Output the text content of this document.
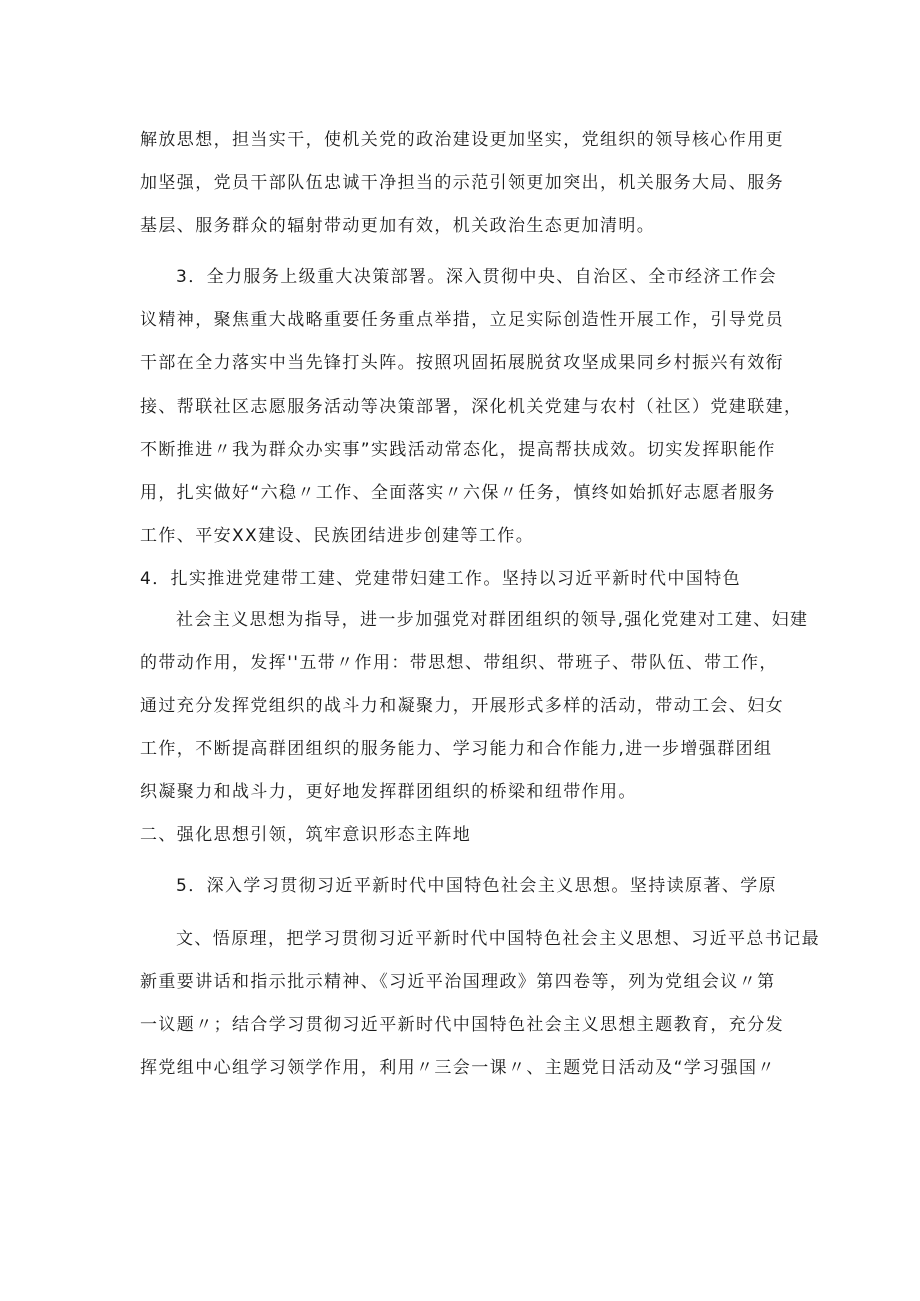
解放思想，担当实干，使机关党的政治建设更加坚实，党组织的领导核心作用更
加坚强，党员干部队伍忠诚干净担当的示范引领更加突出，机关服务大局、服务
基层、服务群众的辐射带动更加有效，机关政治生态更加清明。
3．全力服务上级重大决策部署。深入贯彻中央、自治区、全市经济工作会
议精神，聚焦重大战略重要任务重点举措，立足实际创造性开展工作，引导党员
干部在全力落实中当先锋打头阵。按照巩固拓展脱贫攻坚成果同乡村振兴有效衔
接、帮联社区志愿服务活动等决策部署，深化机关党建与农村（社区）党建联建，
不断推进〃我为群众办实事”实践活动常态化，提高帮扶成效。切实发挥职能作
用，扎实做好“六稳〃工作、全面落实〃六保〃任务，慎终如始抓好志愿者服务
工作、平安XX建设、民族团结进步创建等工作。
4．扎实推进党建带工建、党建带妇建工作。坚持以习近平新时代中国特色
社会主义思想为指导，进一步加强党对群团组织的领导,强化党建对工建、妇建
的带动作用，发挥''五带〃作用：带思想、带组织、带班子、带队伍、带工作，
通过充分发挥党组织的战斗力和凝聚力，开展形式多样的活动，带动工会、妇女
工作，不断提高群团组织的服务能力、学习能力和合作能力,进一步增强群团组
织凝聚力和战斗力，更好地发挥群团组织的桥梁和纽带作用。
二、强化思想引领，筑牢意识形态主阵地
5．深入学习贯彻习近平新时代中国特色社会主义思想。坚持读原著、学原
文、悟原理，把学习贯彻习近平新时代中国特色社会主义思想、习近平总书记最
新重要讲话和指示批示精神、《习近平治国理政》第四卷等，列为党组会议〃第
一议题〃；结合学习贯彻习近平新时代中国特色社会主义思想主题教育，充分发
挥党组中心组学习领学作用，利用〃三会一课〃、主题党日活动及“学习强国〃
